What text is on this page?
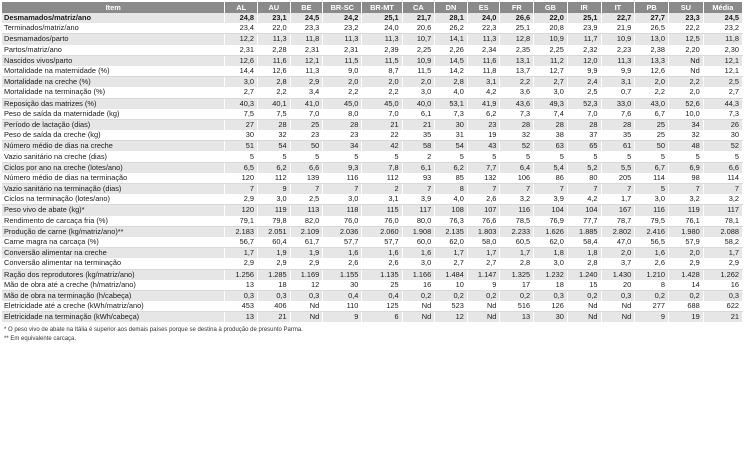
Item	AL	AU	BE	BR-SC	BR-MT	CA	DN	ES	FR	GB	IR	IT	PB	SU	Média
Desmamados/matriz/ano	24,8	23,1	24,5	24,2	25,1	21,7	28,1	24,0	26,6	22,0	25,1	22,7	27,7	23,3	24,5
Terminados/matriz/ano	23,4	22,0	23,3	23,2	24,0	20,6	26,2	22,3	25,1	20,8	23,9	21,9	26,5	22,2	23,2
Desmamados/parto	12,2	11,3	11,8	11,3	11,3	10,7	14,1	11,3	12,8	10,9	11,7	10,9	13,0	12,5	11,8
Partos/matriz/ano	2,31	2,28	2,31	2,31	2,39	2,25	2,26	2,34	2,35	2,25	2,32	2,23	2,38	2,20	2,30
Nascidos vivos/parto	12,6	11,6	12,1	11,5	11,5	10,9	14,5	11,6	13,1	11,2	12,0	11,3	13,3	Nd	12,1
Mortalidade na maternidade (%)	14,4	12,6	11,3	9,0	8,7	11,5	14,2	11,8	13,7	12,7	9,9	9,9	12,6	Nd	12,1
Mortalidade na creche (%)	3,0	2,8	2,9	2,0	2,0	2,0	2,8	3,1	2,2	2,7	2,4	3,1	2,0	2,2	2,5
Mortalidade na terminação (%)	2,7	2,2	3,4	2,2	2,2	3,0	4,0	4,2	3,6	3,0	2,5	0,7	2,2	2,0	2,7
Reposição das matrizes (%)	40,3	40,1	41,0	45,0	45,0	40,0	53,1	41,9	43,6	49,3	52,3	33,0	43,0	52,6	44,3
Peso de saída da maternidade (kg)	7,5	7,5	7,0	8,0	7,0	6,1	7,3	6,2	7,3	7,4	7,0	7,6	6,7	10,0	7,3
Período de lactação (dias)	27	28	25	28	21	21	30	23	28	28	28	28	25	34	26
Peso de saída da creche (kg)	30	32	23	23	22	35	31	19	32	38	37	35	25	32	30
Número médio de dias na creche	51	54	50	34	42	58	54	43	52	63	65	61	50	48	52
Vazio sanitário na creche (dias)	5	5	5	5	5	2	5	5	5	5	5	5	5	5	5
Ciclos por ano na creche (lotes/ano)	6,5	6,2	6,6	9,3	7,8	6,1	6,2	7,7	6,4	5,4	5,2	5,5	6,7	6,9	6,6
Número médio de dias na terminação	120	112	139	116	112	93	85	132	106	86	80	205	114	98	114
Vazio sanitário na terminação (dias)	7	9	7	7	2	7	8	7	7	7	7	7	5	7	7
Ciclos na terminação (lotes/ano)	2,9	3,0	2,5	3,0	3,1	3,9	4,0	2,6	3,2	3,9	4,2	1,7	3,0	3,2	3,2
Peso vivo de abate (kg)*	120	119	113	118	115	117	108	107	116	104	104	167	116	119	117
Rendimento de carcaça fria (%)	79,1	79,8	82,0	76,0	76,0	80,0	76,3	76,6	78,5	76,9	77,7	78,7	79,5	76,1	78,1
Produção de carne (kg/matriz/ano)**	2.183	2.051	2.109	2.036	2.060	1.908	2.135	1.803	2.233	1.626	1.885	2.802	2.416	1.980	2.088
Carne magra na carcaça (%)	56,7	60,4	61,7	57,7	57,7	60,0	62,0	58,0	60,5	62,0	58,4	47,0	56,5	57,9	58,2
Conversão alimentar na creche	1,7	1,9	1,9	1,6	1,6	1,6	1,7	1,7	1,7	1,8	1,8	2,0	1,6	2,0	1,7
Conversão alimentar na terminação	2,9	2,9	2,9	2,6	2,6	3,0	2,7	2,7	2,8	3,0	2,8	3,7	2,6	2,9	2,9
Ração dos reprodutores (kg/matriz/ano)	1.256	1.285	1.169	1.155	1.135	1.166	1.484	1.147	1.325	1.232	1.240	1.430	1.210	1.428	1.262
Mão de obra até a creche (h/matriz/ano)	13	18	12	30	25	16	10	9	17	18	15	20	8	14	16
Mão de obra na terminação (h/cabeça)	0,3	0,3	0,3	0,4	0,4	0,2	0,2	0,2	0,2	0,3	0,2	0,3	0,2	0,2	0,3
Eletricidade até a creche (kWh/matriz/ano)	453	406	Nd	110	125	Nd	523	Nd	516	126	Nd	Nd	277	688	622
Eletricidade na terminação (kWh/cabeça)	13	21	Nd	9	6	Nd	12	Nd	13	30	Nd	Nd	9	19	21
* O peso vivo de abate na Itália é superior aos demais países porque se destina à produção de presunto Parma.
** Em equivalente carcaça.
